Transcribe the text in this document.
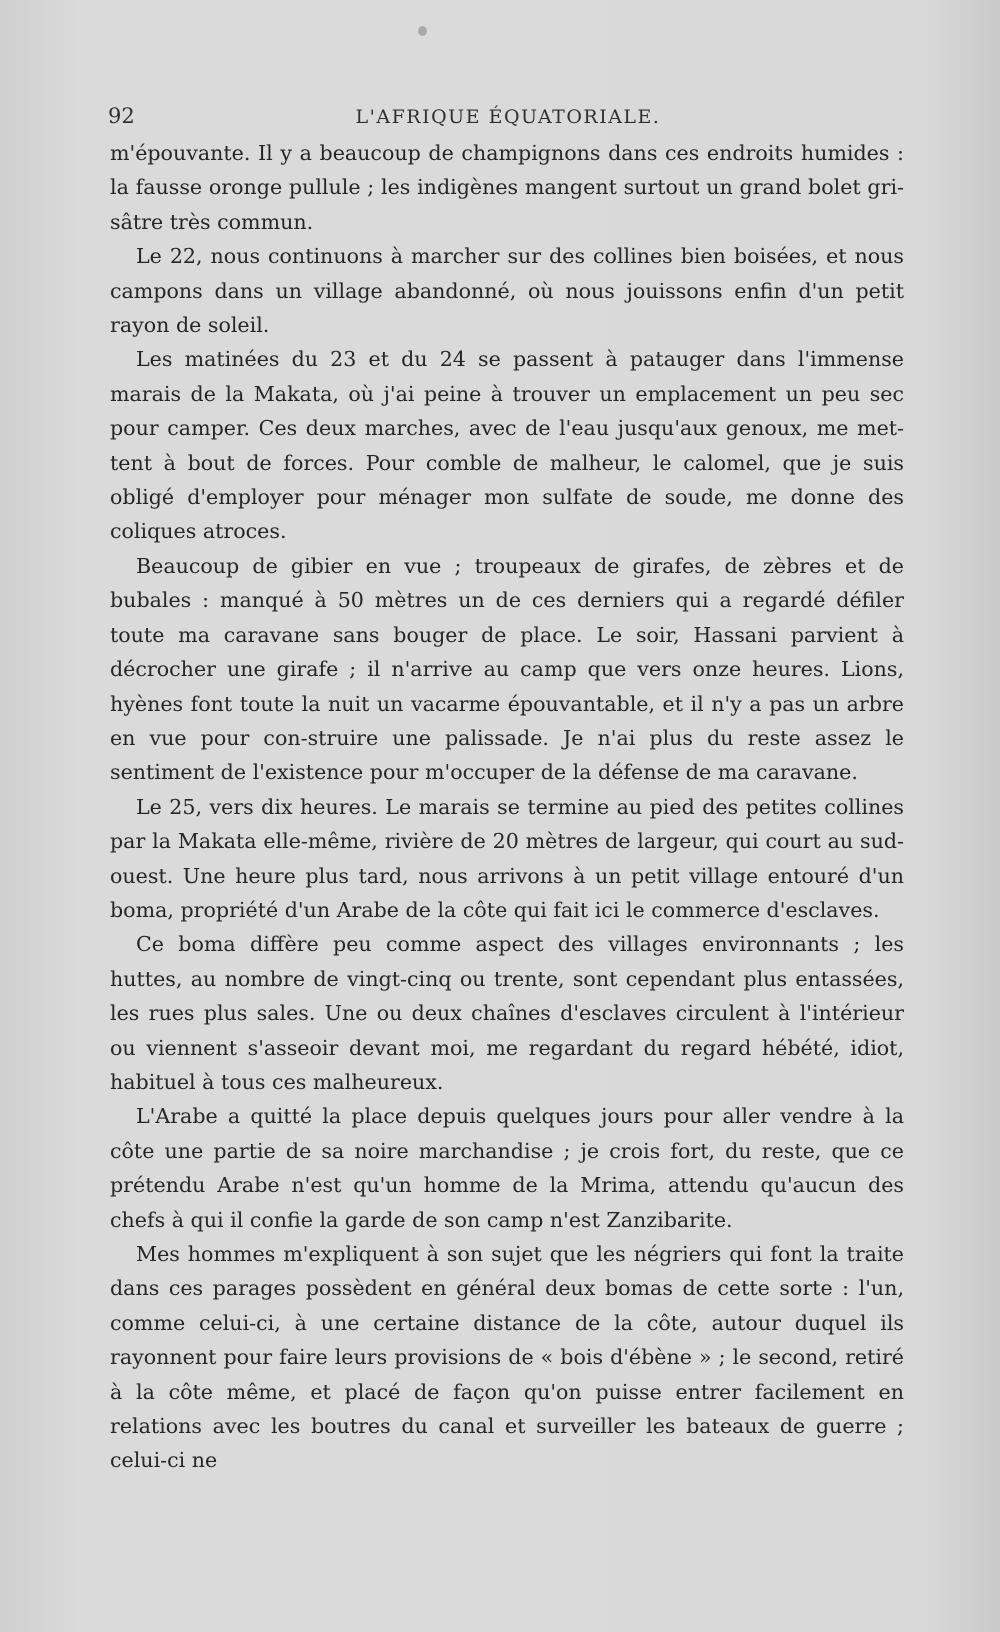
92	L'AFRIQUE ÉQUATORIALE.

m'épouvante. Il y a beaucoup de champignons dans ces endroits humides : la fausse oronge pullule ; les indigènes mangent surtout un grand bolet gri-sâtre très commun.

Le 22, nous continuons à marcher sur des collines bien boisées, et nous campons dans un village abandonné, où nous jouissons enfin d'un petit rayon de soleil.

Les matinées du 23 et du 24 se passent à patauger dans l'immense marais de la Makata, où j'ai peine à trouver un emplacement un peu sec pour camper. Ces deux marches, avec de l'eau jusqu'aux genoux, me met-tent à bout de forces. Pour comble de malheur, le calomel, que je suis obligé d'employer pour ménager mon sulfate de soude, me donne des coliques atroces.

Beaucoup de gibier en vue ; troupeaux de girafes, de zèbres et de bubales : manqué à 50 mètres un de ces derniers qui a regardé défiler toute ma caravane sans bouger de place. Le soir, Hassani parvient à décrocher une girafe ; il n'arrive au camp que vers onze heures. Lions, hyènes font toute la nuit un vacarme épouvantable, et il n'y a pas un arbre en vue pour con-struire une palissade. Je n'ai plus du reste assez le sentiment de l'existence pour m'occuper de la défense de ma caravane.

Le 25, vers dix heures. Le marais se termine au pied des petites collines par la Makata elle-même, rivière de 20 mètres de largeur, qui court au sud-ouest. Une heure plus tard, nous arrivons à un petit village entouré d'un boma, propriété d'un Arabe de la côte qui fait ici le commerce d'esclaves.

Ce boma diffère peu comme aspect des villages environnants ; les huttes, au nombre de vingt-cinq ou trente, sont cependant plus entassées, les rues plus sales. Une ou deux chaînes d'esclaves circulent à l'intérieur ou viennent s'asseoir devant moi, me regardant du regard hébété, idiot, habituel à tous ces malheureux.

L'Arabe a quitté la place depuis quelques jours pour aller vendre à la côte une partie de sa noire marchandise ; je crois fort, du reste, que ce prétendu Arabe n'est qu'un homme de la Mrima, attendu qu'aucun des chefs à qui il confie la garde de son camp n'est Zanzibarite.

Mes hommes m'expliquent à son sujet que les négriers qui font la traite dans ces parages possèdent en général deux bomas de cette sorte : l'un, comme celui-ci, à une certaine distance de la côte, autour duquel ils rayonnent pour faire leurs provisions de « bois d'ébène » ; le second, retiré à la côte même, et placé de façon qu'on puisse entrer facilement en relations avec les boutres du canal et surveiller les bateaux de guerre ; celui-ci ne
